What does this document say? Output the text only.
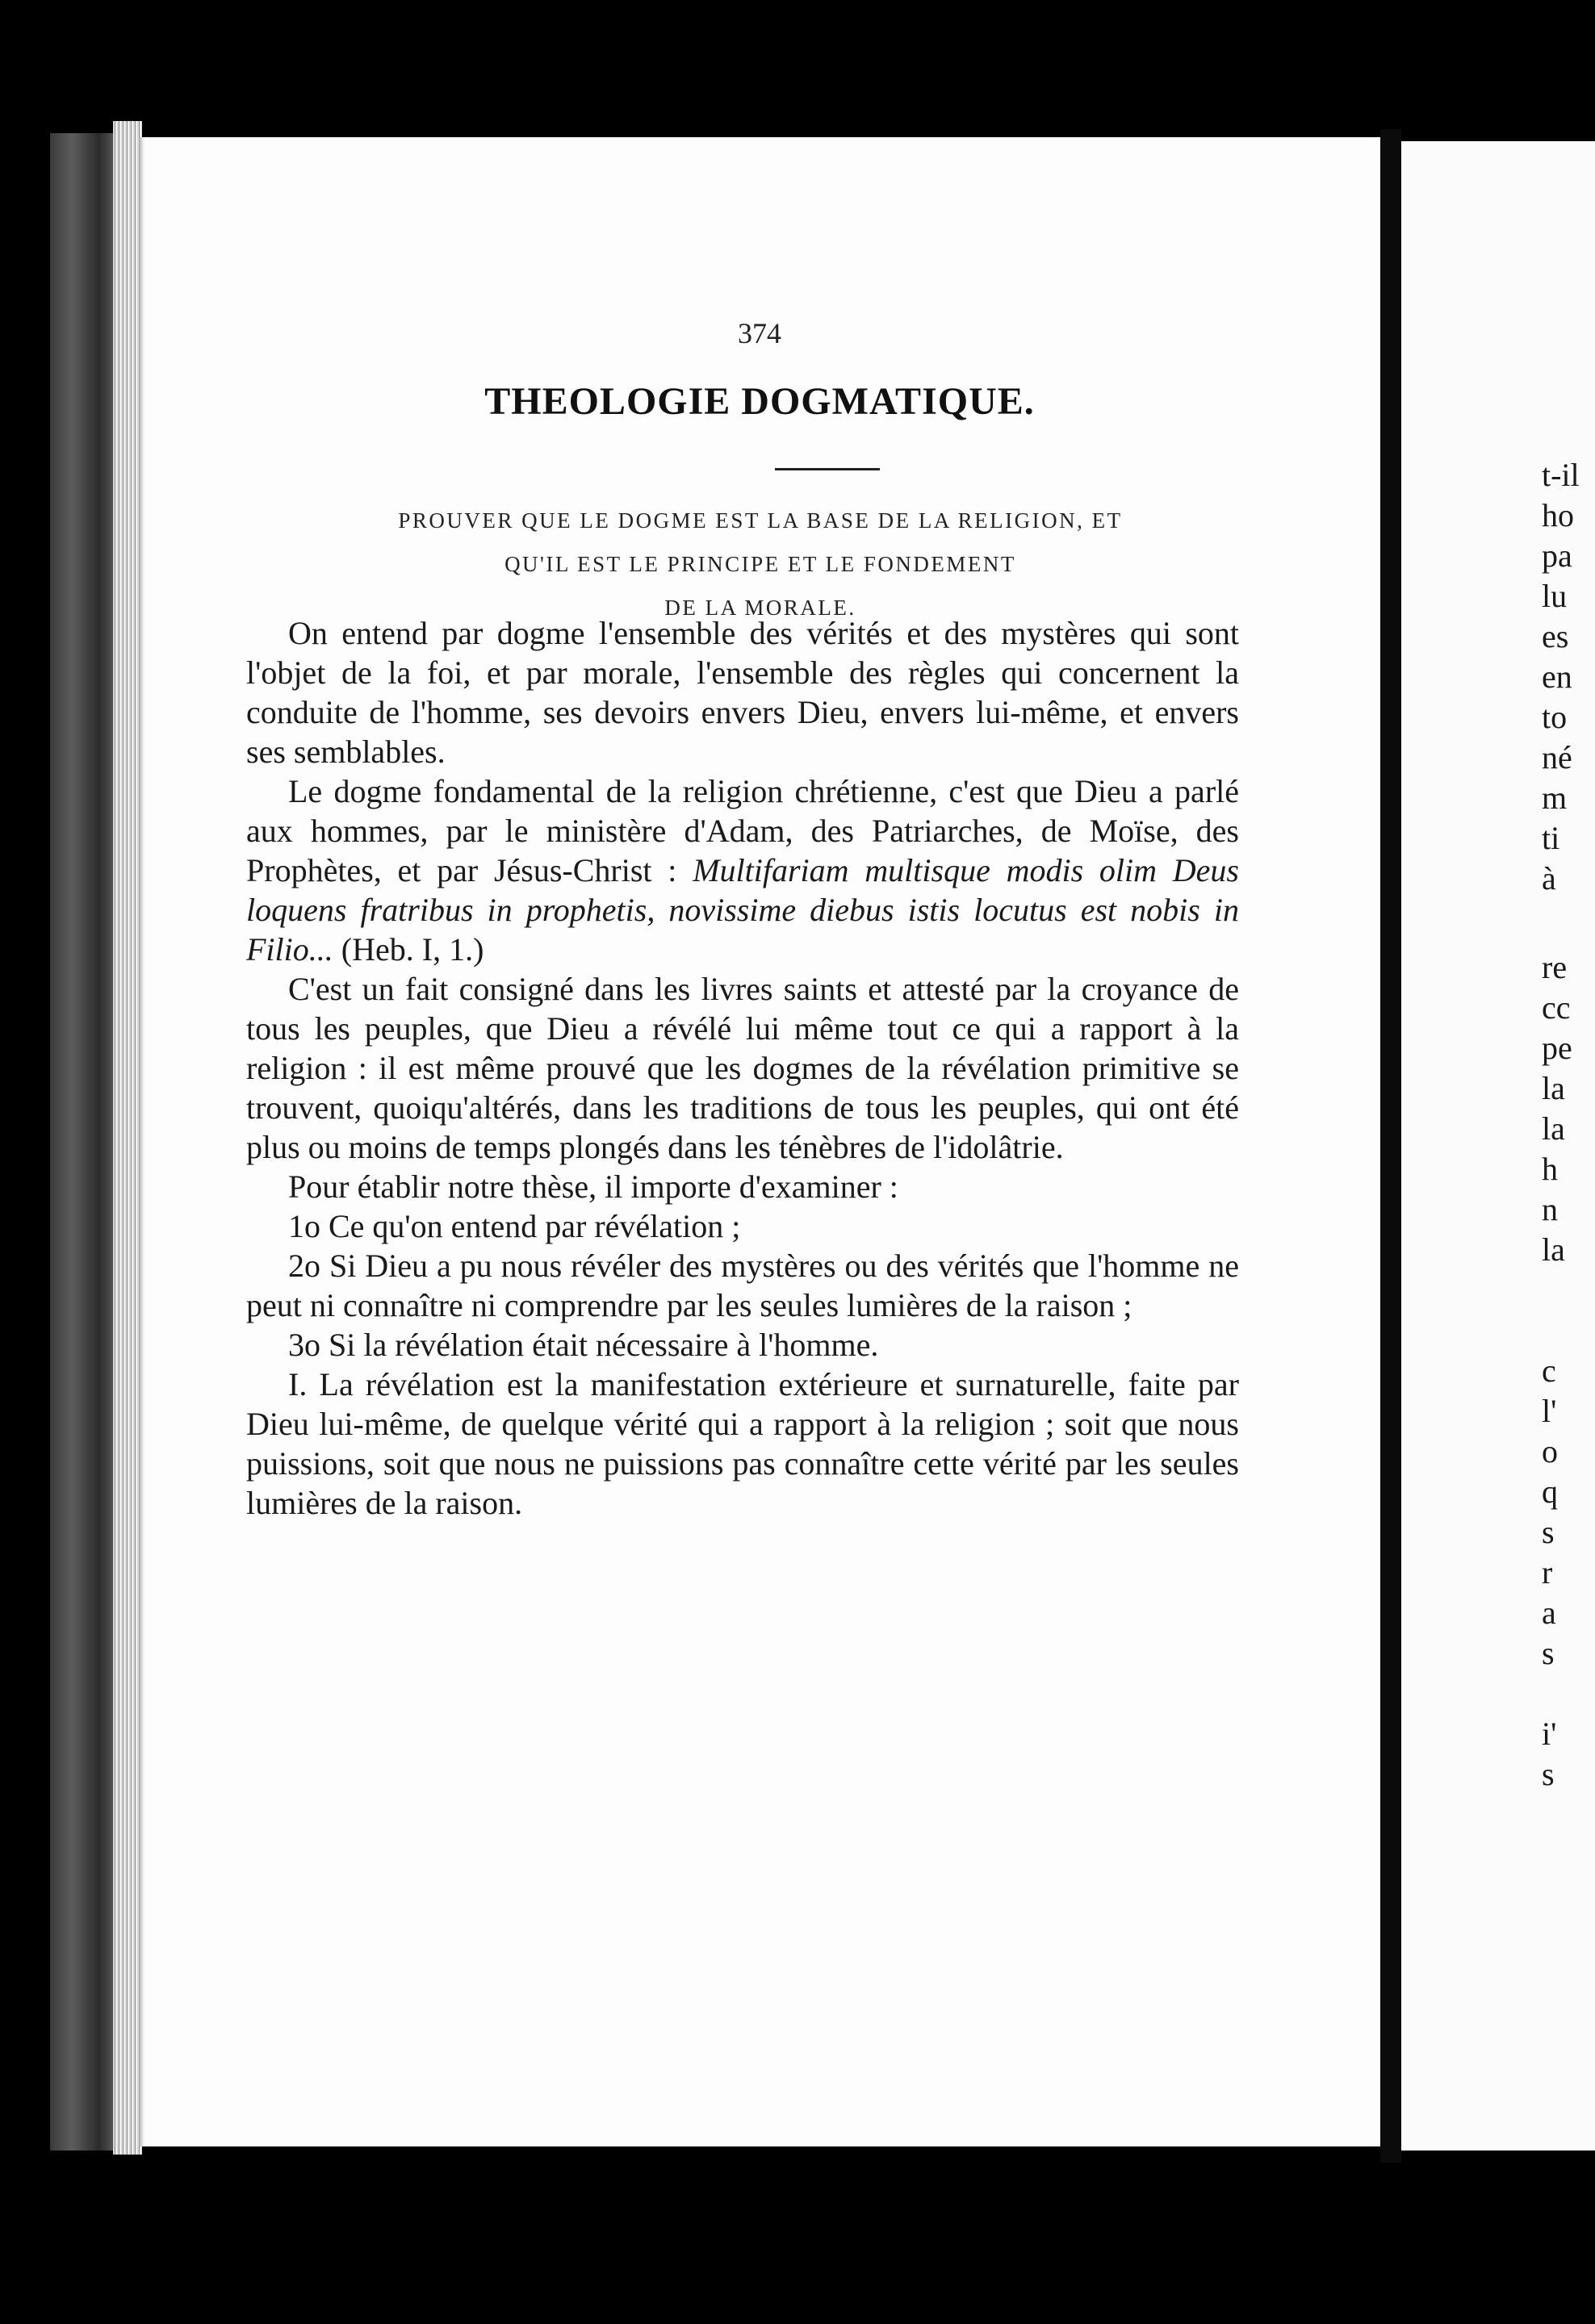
374
THEOLOGIE DOGMATIQUE.
PROUVER QUE LE DOGME EST LA BASE DE LA RELIGION, ET
QU'IL EST LE PRINCIPE ET LE FONDEMENT
DE LA MORALE.

On entend par dogme l'ensemble des vérités et des mystères qui sont l'objet de la foi, et par morale, l'ensemble des règles qui concernent la conduite de l'homme, ses devoirs envers Dieu, envers lui-même, et envers ses semblables.

Le dogme fondamental de la religion chrétienne, c'est que Dieu a parlé aux hommes, par le ministère d'Adam, des Patriarches, de Moïse, des Prophètes, et par Jésus-Christ : Multifariam multisque modis olim Deus loquens fratribus in prophetis, novissime diebus istis locutus est nobis in Filio... (Heb. I, 1.)

C'est un fait consigné dans les livres saints et attesté par la croyance de tous les peuples, que Dieu a révélé lui même tout ce qui a rapport à la religion : il est même prouvé que les dogmes de la révélation primitive se trouvent, quoiqu'altérés, dans les traditions de tous les peuples, qui ont été plus ou moins de temps plongés dans les ténèbres de l'idolâtrie.

Pour établir notre thèse, il importe d'examiner :

1o Ce qu'on entend par révélation ;

2o Si Dieu a pu nous révéler des mystères ou des vérités que l'homme ne peut ni connaître ni comprendre par les seules lumières de la raison ;

3o Si la révélation était nécessaire à l'homme.

I. La révélation est la manifestation extérieure et surnaturelle, faite par Dieu lui-même, de quelque vérité qui a rapport à la religion ; soit que nous puissions, soit que nous ne puissions pas connaître cette vérité par les seules lumières de la raison.

t-il
ho
pa
lu
es
en
to
né
m
ti
à
re
cc
pe
la
la
h
n
la
c
l'
o
q
s
r
a
s
i'
s
